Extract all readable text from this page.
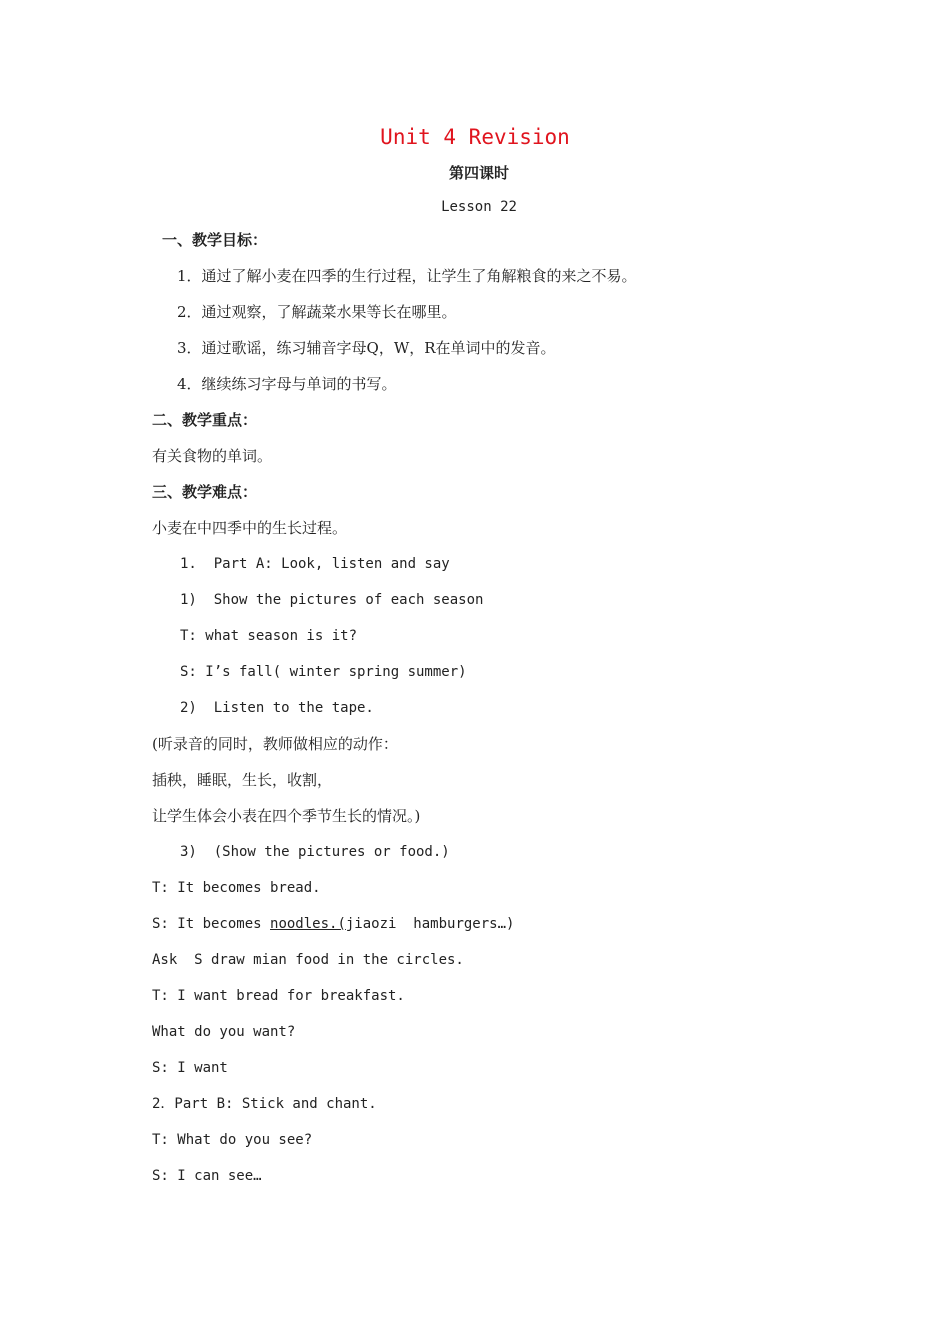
Unit 4 Revision
第四课时
Lesson 22
一、教学目标：
1．通过了解小麦在四季的生行过程，让学生了角解粮食的来之不易。
2．通过观察，了解蔬菜水果等长在哪里。
3．通过歌谣，练习辅音字母Q，W，R在单词中的发音。
4．继续练习字母与单词的书写。
二、教学重点：
有关食物的单词。
三、教学难点：
小麦在中四季中的生长过程。
1.  Part A: Look, listen and say
1)  Show the pictures of each season
T: what season is it?
S: I’s fall( winter spring summer)
2)  Listen to the tape.
(听录音的同时，教师做相应的动作：
插秧，睡眠，生长，收割，
让学生体会小表在四个季节生长的情况。)
3)  (Show the pictures or food.)
T: It becomes bread.
S: It becomes noodles.(jiaozi  hamburgers…)
Ask  S draw mian food in the circles.
T: I want bread for breakfast.
What do you want?
S: I want
2．Part B: Stick and chant.
T: What do you see?
S: I can see…
